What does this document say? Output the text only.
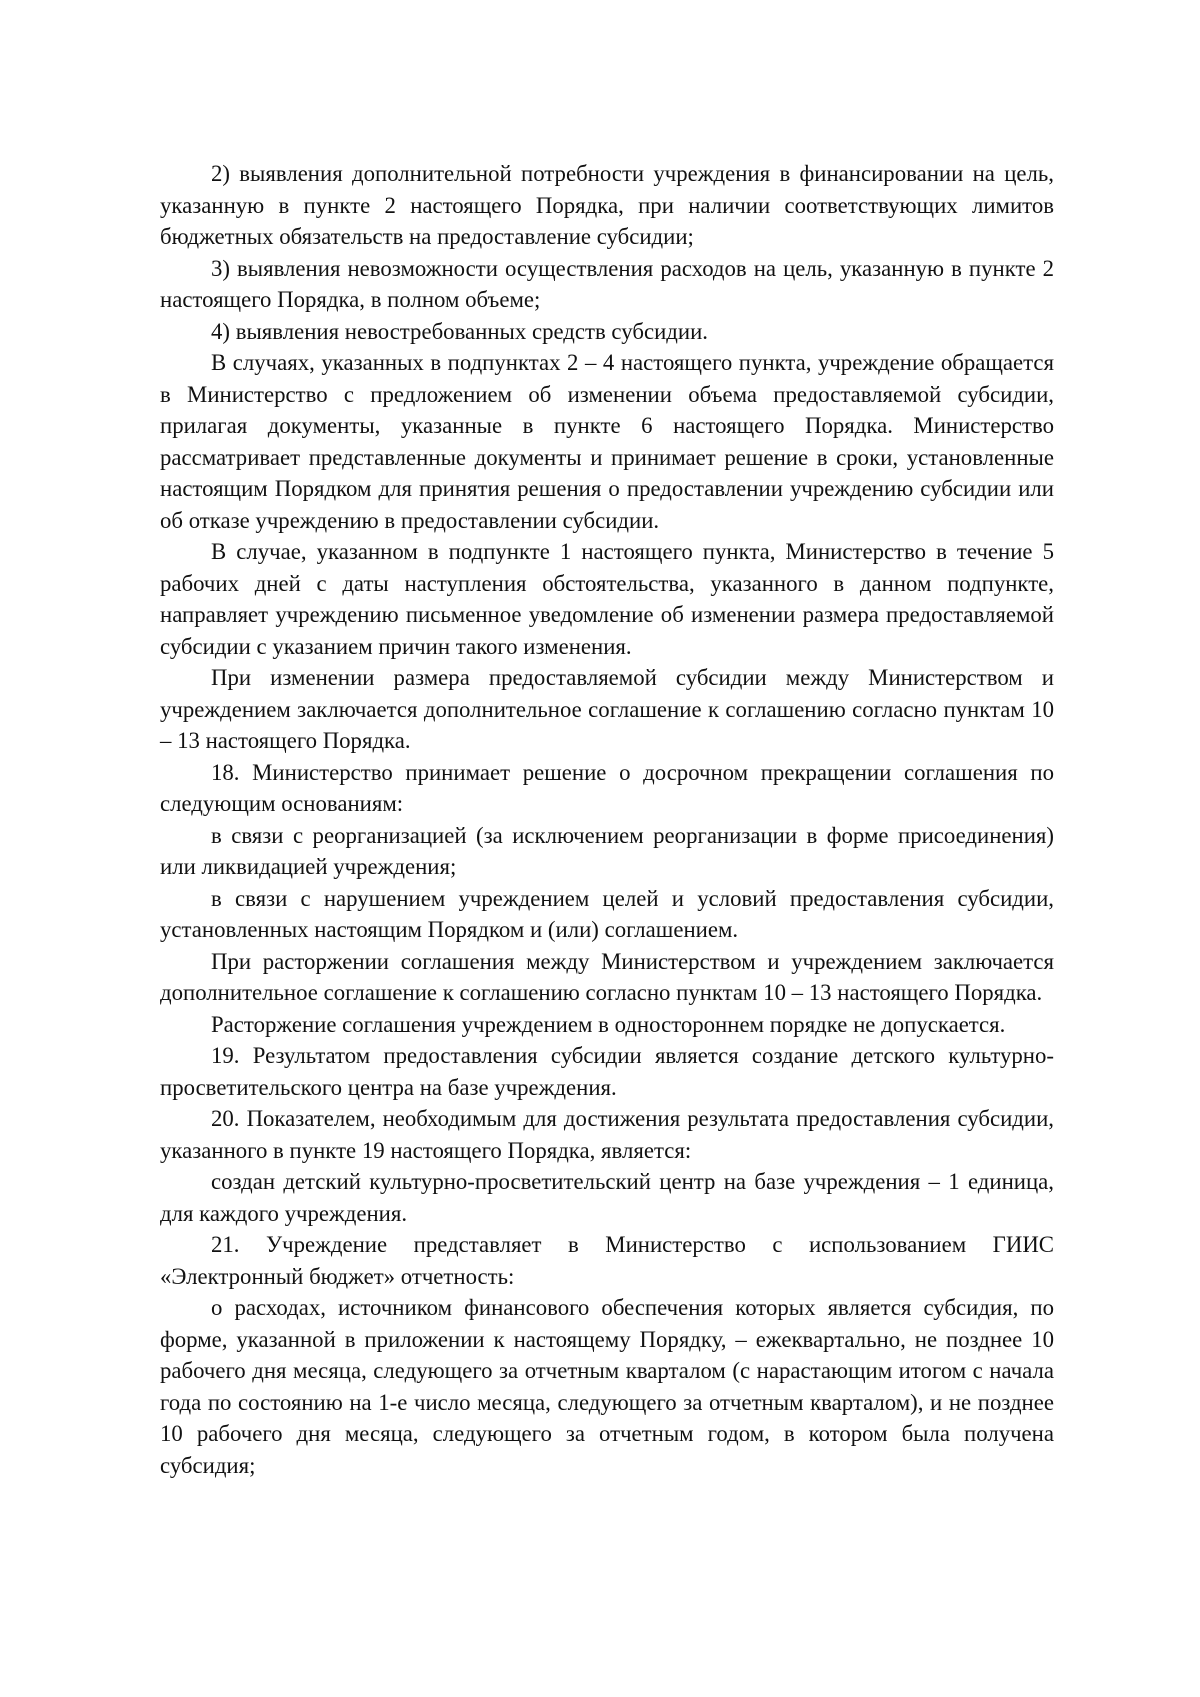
2) выявления дополнительной потребности учреждения в финансировании на цель, указанную в пункте 2 настоящего Порядка, при наличии соответствующих лимитов бюджетных обязательств на предоставление субсидии;

3) выявления невозможности осуществления расходов на цель, указанную в пункте 2 настоящего Порядка, в полном объеме;

4) выявления невостребованных средств субсидии.

В случаях, указанных в подпунктах 2 – 4 настоящего пункта, учреждение обращается в Министерство с предложением об изменении объема предоставляемой субсидии, прилагая документы, указанные в пункте 6 настоящего Порядка. Министерство рассматривает представленные документы и принимает решение в сроки, установленные настоящим Порядком для принятия решения о предоставлении учреждению субсидии или об отказе учреждению в предоставлении субсидии.

В случае, указанном в подпункте 1 настоящего пункта, Министерство в течение 5 рабочих дней с даты наступления обстоятельства, указанного в данном подпункте, направляет учреждению письменное уведомление об изменении размера предоставляемой субсидии с указанием причин такого изменения.

При изменении размера предоставляемой субсидии между Министерством и учреждением заключается дополнительное соглашение к соглашению согласно пунктам 10 – 13 настоящего Порядка.

18. Министерство принимает решение о досрочном прекращении соглашения по следующим основаниям:

в связи с реорганизацией (за исключением реорганизации в форме присоединения) или ликвидацией учреждения;

в связи с нарушением учреждением целей и условий предоставления субсидии, установленных настоящим Порядком и (или) соглашением.

При расторжении соглашения между Министерством и учреждением заключается дополнительное соглашение к соглашению согласно пунктам 10 – 13 настоящего Порядка.

Расторжение соглашения учреждением в одностороннем порядке не допускается.

19. Результатом предоставления субсидии является создание детского культурно-просветительского центра на базе учреждения.

20. Показателем, необходимым для достижения результата предоставления субсидии, указанного в пункте 19 настоящего Порядка, является:

создан детский культурно-просветительский центр на базе учреждения – 1 единица, для каждого учреждения.

21. Учреждение представляет в Министерство с использованием ГИИС «Электронный бюджет» отчетность:

о расходах, источником финансового обеспечения которых является субсидия, по форме, указанной в приложении к настоящему Порядку, – ежеквартально, не позднее 10 рабочего дня месяца, следующего за отчетным кварталом (с нарастающим итогом с начала года по состоянию на 1-е число месяца, следующего за отчетным кварталом), и не позднее 10 рабочего дня месяца, следующего за отчетным годом, в котором была получена субсидия;
